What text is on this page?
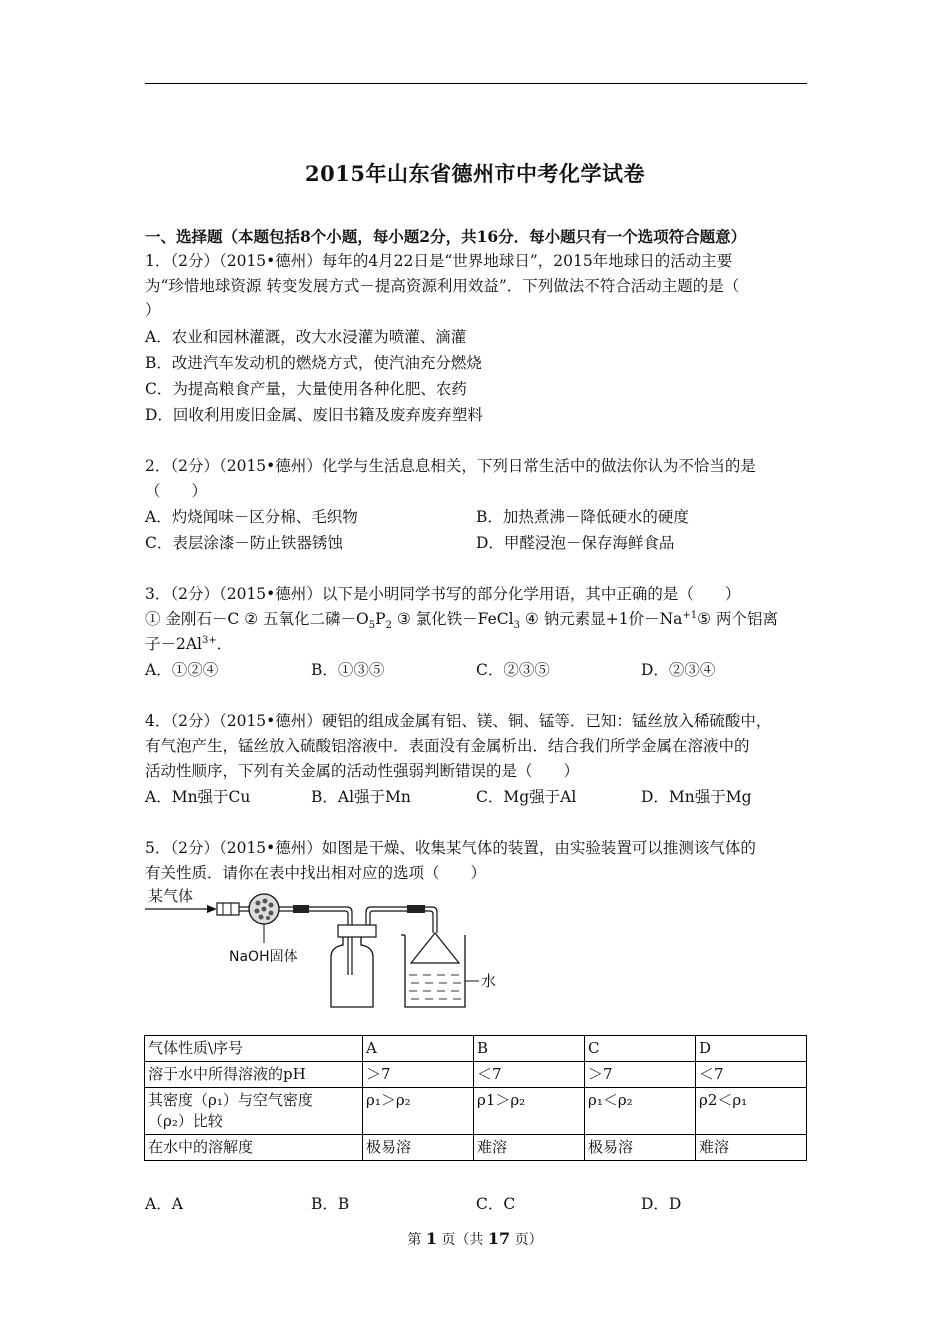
2015年山东省德州市中考化学试卷
一、选择题（本题包括8个小题，每小题2分，共16分．每小题只有一个选项符合题意）
1．（2分）（2015•德州）每年的4月22日是“世界地球日”，2015年地球日的活动主要
为“珍惜地球资源 转变发展方式－提高资源利用效益”．下列做法不符合活动主题的是（
）
A．农业和园林灌溉，改大水浸灌为喷灌、滴灌
B．改进汽车发动机的燃烧方式，使汽油充分燃烧
C．为提高粮食产量，大量使用各种化肥、农药
D．回收利用废旧金属、废旧书籍及废弃废弃塑料
2．（2分）（2015•德州）化学与生活息息相关，下列日常生活中的做法你认为不恰当的是
（　　）
A．灼烧闻味－区分棉、毛织物	B．加热煮沸－降低硬水的硬度
C．表层涂漆－防止铁器锈蚀	D．甲醛浸泡－保存海鲜食品
3．（2分）（2015•德州）以下是小明同学书写的部分化学用语，其中正确的是（　　）
① 金刚石－C ② 五氧化二磷$-O_5P_2$ ③ 氯化铁－FeCl$_3$ ④ 钠元素显+1价$-Na^{+1}⑤$ 两个铝离
子$-2Al^{3+}$．
A．①②④	B．①③⑤	C．②③⑤	D．②③④
4．（2分）（2015•德州）硬铝的组成金属有铝、镁、铜、锰等．已知：锰丝放入稀硫酸中，
有气泡产生，锰丝放入硫酸铝溶液中．表面没有金属析出．结合我们所学金属在溶液中的
活动性顺序，下列有关金属的活动性强弱判断错误的是（　　）
A．Mn强于Cu	B．Al强于Mn	C．Mg强于Al	D．Mn强于Mg
5．（2分）（2015•德州）如图是干燥、收集某气体的装置，由实验装置可以推测该气体的
有关性质．请你在表中找出相对应的选项（　　）
某气体
NaOH固体
水
气体性质\序号	A	B	C	D
溶于水中所得溶液的pH	＞7	＜7	＞7	＜7

其密度（ρ₁）与空气密度
（ρ₂）比较	ρ₁＞ρ₂	ρ1＞ρ₂	ρ₁＜ρ₂	ρ2＜ρ₁
在水中的溶解度	极易溶	难溶	极易溶	难溶
A．A	B．B	C．C	D．D
第 1 页（共 17 页）
